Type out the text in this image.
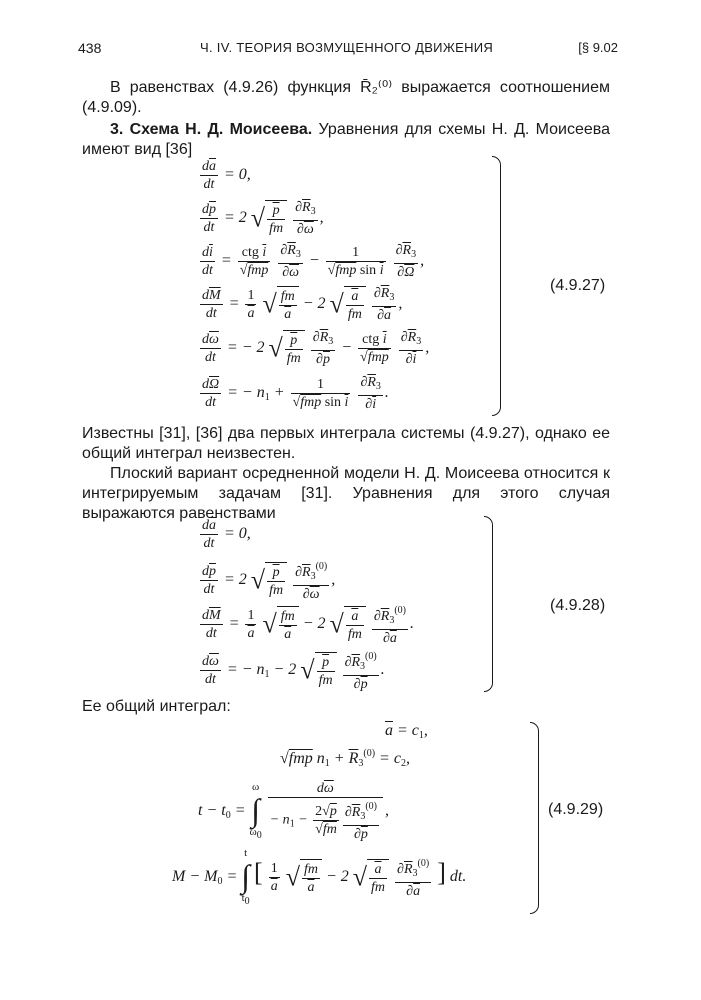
438	Ч. IV. ТЕОРИЯ ВОЗМУЩЕННОГО ДВИЖЕНИЯ	[§ 9.02
В равенствах (4.9.26) функция R̄₂⁽⁰⁾ выражается соотношением (4.9.09).
3. Схема Н. Д. Моисеева. Уравнения для схемы Н. Д. Моисеева имеют вид [36]
$\frac{d\overline{a}}{dt} = 0$,
$\frac{d\overline{p}}{dt} = 2$ √ $\frac{p}{fm}$
$\frac{\partial\overline{R}_3}{\partial\overline{\omega}}$ ,
$\frac{d\overline{i}}{dt} = \frac{ctg \overline{i}}{\text{√fmp}}$
$\frac{\partial\overline{R}_3}{\partial\overline{\omega}} - \frac{1}{√fmp \sin \overline{i}}$
$\frac{\partial\overline{R}_3}{\partial\overline{\Omega}}$ ,
$\frac{d\overline{M}}{dt} = \frac{1}{a}$ √ $\frac{fm}{a} - 2$ √ $\frac{a}{fm}$
$\frac{\partial\overline{R}_3}{\partial\overline{a}}$ ,
$\frac{d\overline{\omega}}{dt}$ = − 2 √ $\frac{p}{fm}$
$\frac{\partial\overline{R}_3}{\partial\overline{p}} - \frac{ctg \overline{i}}{\text{√fmp}}$
$\frac{\partial\overline{R}_3}{\partial\overline{i}}$ ,
$\frac{d\overline{\Omega}}{dt}$ = − $n_1 + \frac{1}{√fmp \sin \overline{i}}$
$\frac{\partial\overline{R}_3}{\partial\overline{i}}$ .
(4.9.27)
Известны [31], [36] два первых интеграла системы (4.9.27), однако ее общий интеграл неизвестен.
Плоский вариант осредненной модели Н. Д. Моисеева относится к интегрируемым задачам [31]. Уравнения для этого случая выражаются равенствами
$\frac{d\overline{a}}{dt} = 0$,
$\frac{d\overline{p}}{dt} = 2$ √ $\frac{p}{fm}$
$\frac{\partial\overline{R}_3^{(0)}}{\partial\overline{\omega}}$ ,
$\frac{d\overline{M}}{dt} = \frac{1}{a}$ √ $\frac{fm}{a} - 2$ √ $\frac{a}{fm}$
$\frac{\partial\overline{R}_3^{(0)}}{\partial\overline{a}}$ .
$\frac{d\overline{\omega}}{dt}$ = − $n_1 - 2$ √ $\frac{p}{fm}$
$\frac{\partial\overline{R}_3^{(0)}}{\partial\overline{p}}$ .
(4.9.28)
Ее общий интеграл:
$\overline{a} = c_1$,
√fmp $n_1 + \overline{R}_3^{(0)} = c_2$,
$t - t_0 = \omega$
∫
$\omega 0 \frac{d\overline{\omega}}{- n_1 - \frac{2√p}{√fm} \frac{\partial\overline{R}_3^{(0)}}{\partial\overline{p}}}$ ,
$M - M_0 = t$
∫
t0 [ $\frac{1}{a}$ √ $\frac{fm}{a} - 2$ √ $\frac{a}{fm}$
$\frac{\partial\overline{R}_3^{(0)}}{\partial\overline{a}}$ ] dt.
(4.9.29)
